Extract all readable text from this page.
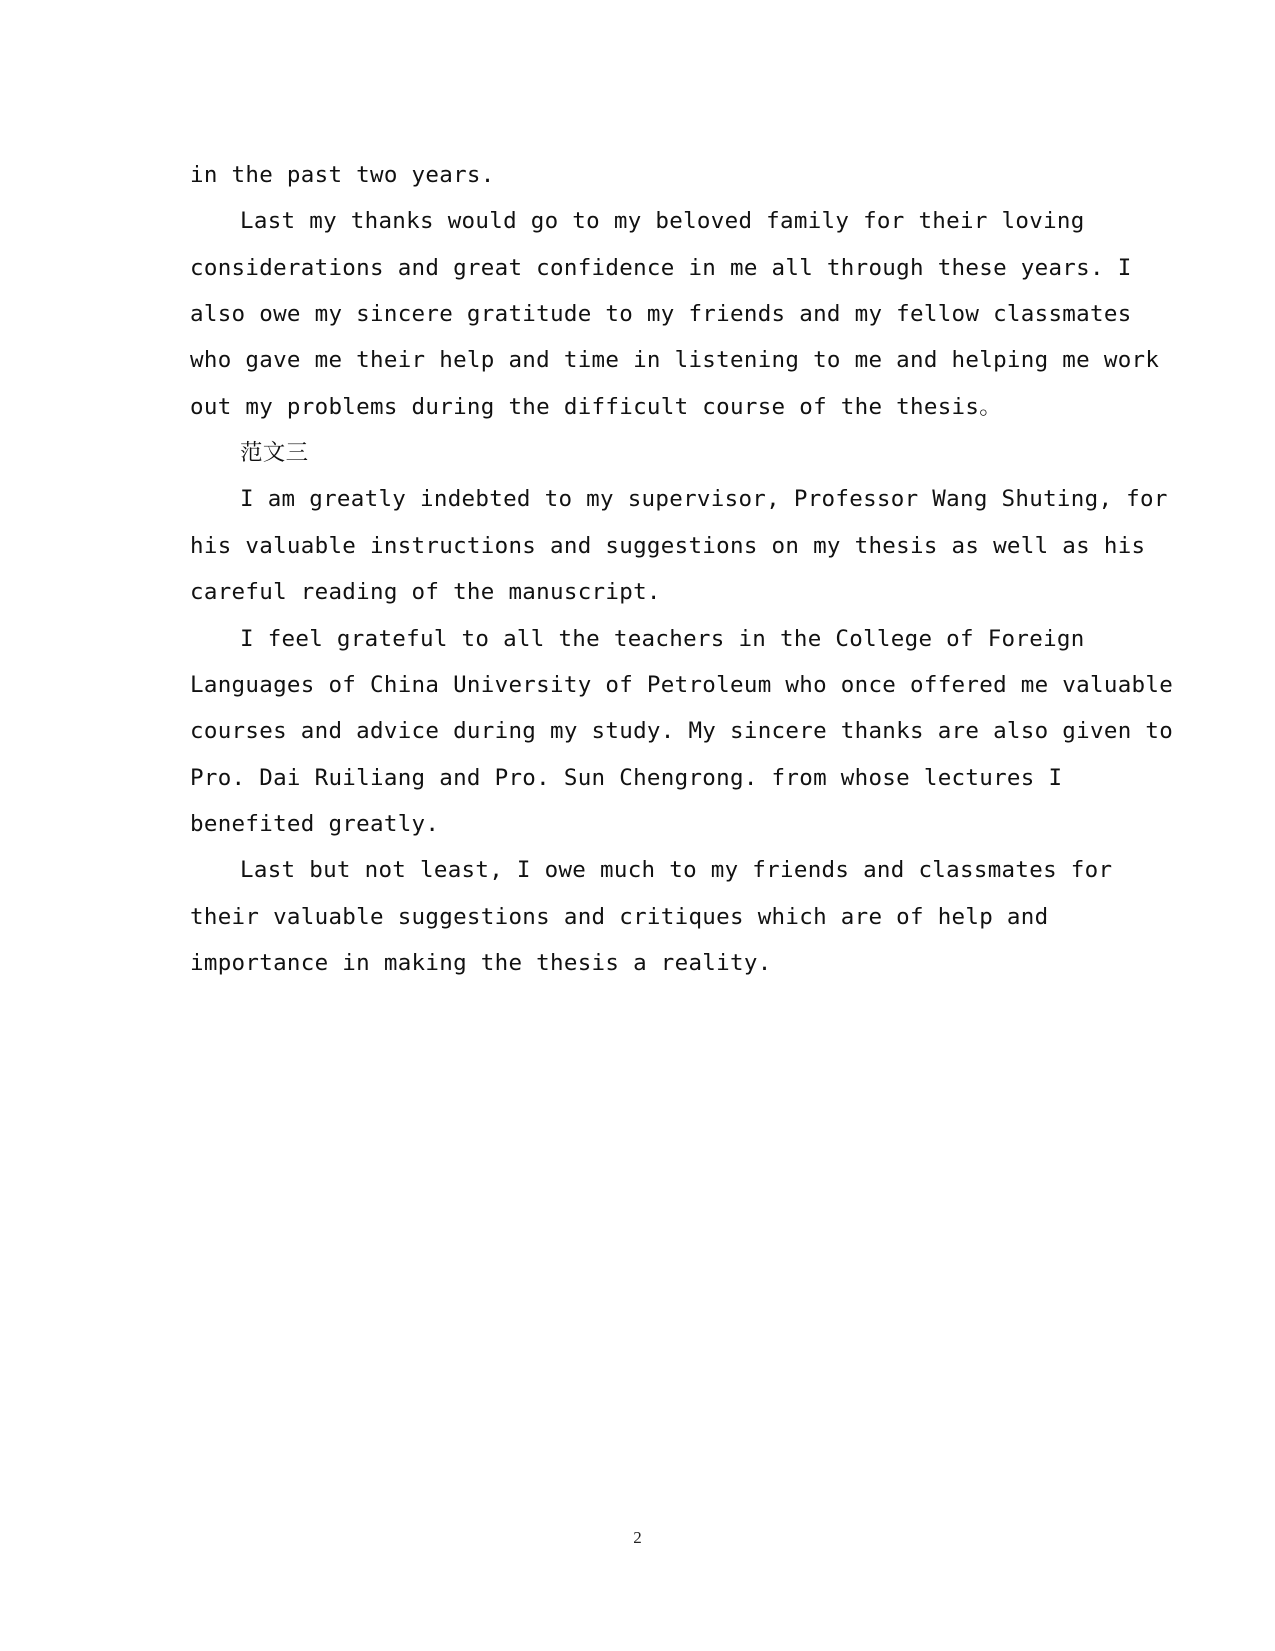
in the past two years.
Last my thanks would go to my beloved family for their loving
considerations and great confidence in me all through these years. I
also owe my sincere gratitude to my friends and my fellow classmates
who gave me their help and time in listening to me and helping me work
out my problems during the difficult course of the thesis。
范文三
I am greatly indebted to my supervisor, Professor Wang Shuting, for
his valuable instructions and suggestions on my thesis as well as his
careful reading of the manuscript.
I feel grateful to all the teachers in the College of Foreign
Languages of China University of Petroleum who once offered me valuable
courses and advice during my study. My sincere thanks are also given to
Pro. Dai Ruiliang and Pro. Sun Chengrong. from whose lectures I
benefited greatly.
Last but not least, I owe much to my friends and classmates for
their valuable suggestions and critiques which are of help and
importance in making the thesis a reality.
2
